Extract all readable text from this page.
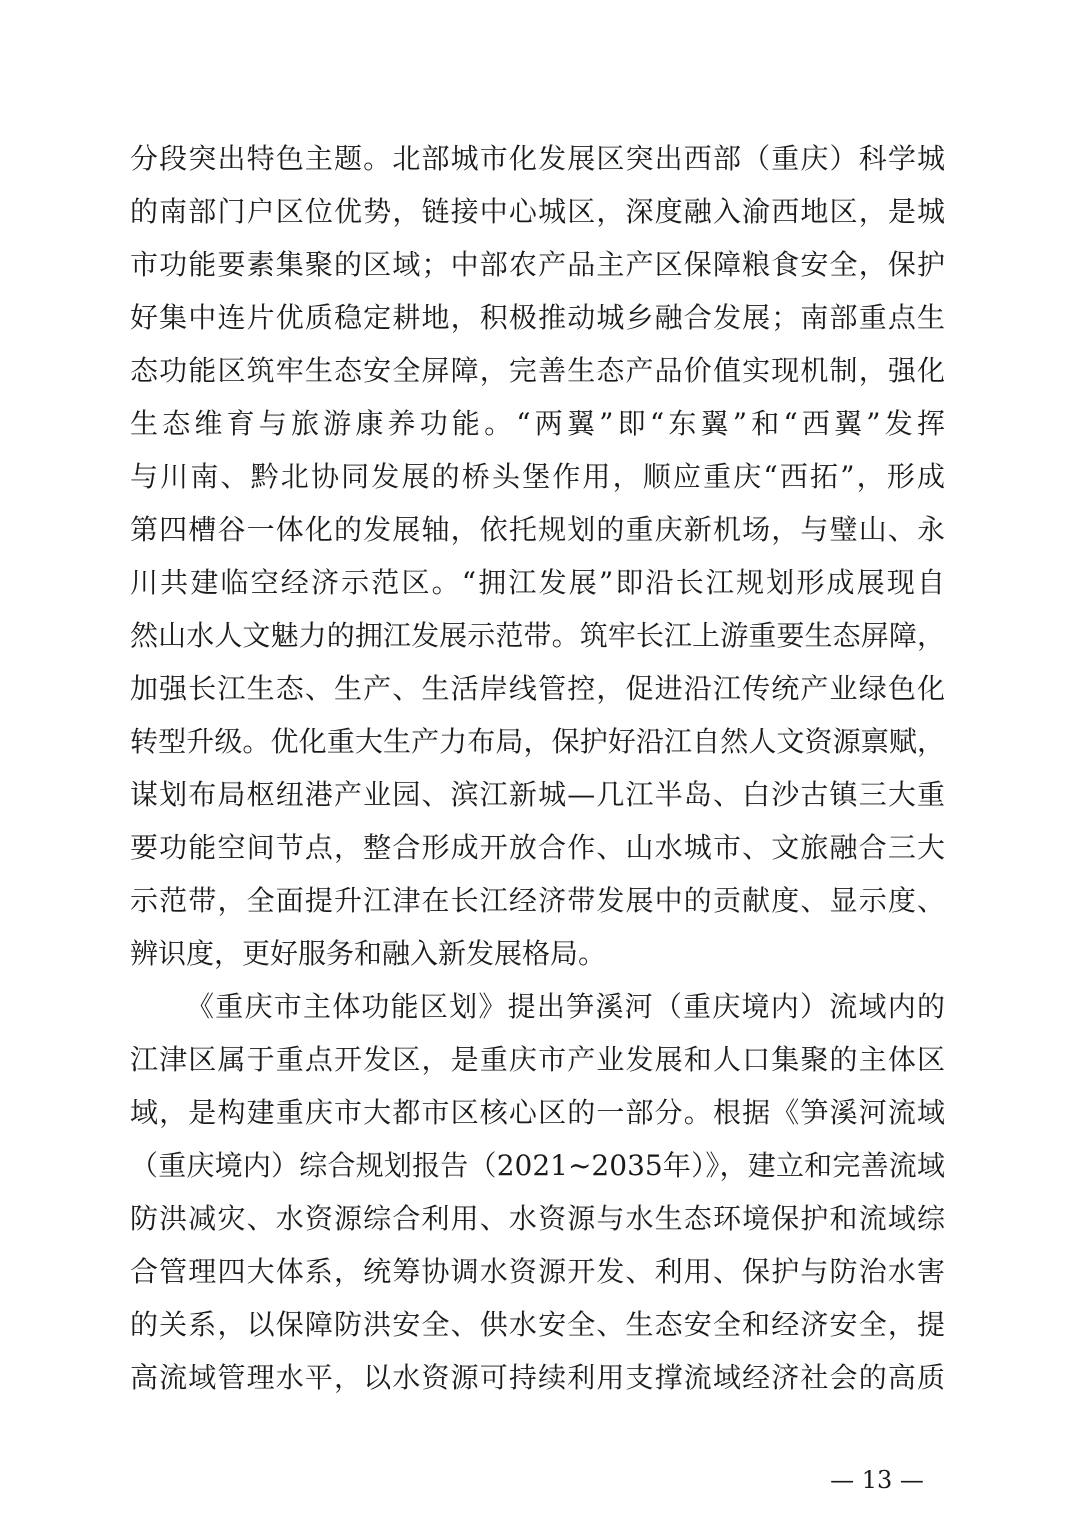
分段突出特色主题。北部城市化发展区突出西部（重庆）科学城
的南部门户区位优势，链接中心城区，深度融入渝西地区，是城
市功能要素集聚的区域；中部农产品主产区保障粮食安全，保护
好集中连片优质稳定耕地，积极推动城乡融合发展；南部重点生
态功能区筑牢生态安全屏障，完善生态产品价值实现机制，强化
生态维育与旅游康养功能。“两翼”即“东翼”和“西翼”发挥
与川南、黔北协同发展的桥头堡作用，顺应重庆“西拓”，形成
第四槽谷一体化的发展轴，依托规划的重庆新机场，与璧山、永
川共建临空经济示范区。“拥江发展”即沿长江规划形成展现自
然山水人文魅力的拥江发展示范带。筑牢长江上游重要生态屏障，
加强长江生态、生产、生活岸线管控，促进沿江传统产业绿色化
转型升级。优化重大生产力布局，保护好沿江自然人文资源禀赋，
谋划布局枢纽港产业园、滨江新城—几江半岛、白沙古镇三大重
要功能空间节点，整合形成开放合作、山水城市、文旅融合三大
示范带，全面提升江津在长江经济带发展中的贡献度、显示度、
辨识度，更好服务和融入新发展格局。
《重庆市主体功能区划》提出笋溪河（重庆境内）流域内的
江津区属于重点开发区，是重庆市产业发展和人口集聚的主体区
域，是构建重庆市大都市区核心区的一部分。根据《笋溪河流域
（重庆境内）综合规划报告（2021~2035年）》，建立和完善流域
防洪减灾、水资源综合利用、水资源与水生态环境保护和流域综
合管理四大体系，统筹协调水资源开发、利用、保护与防治水害
的关系，以保障防洪安全、供水安全、生态安全和经济安全，提
高流域管理水平，以水资源可持续利用支撑流域经济社会的高质
— 13 —
